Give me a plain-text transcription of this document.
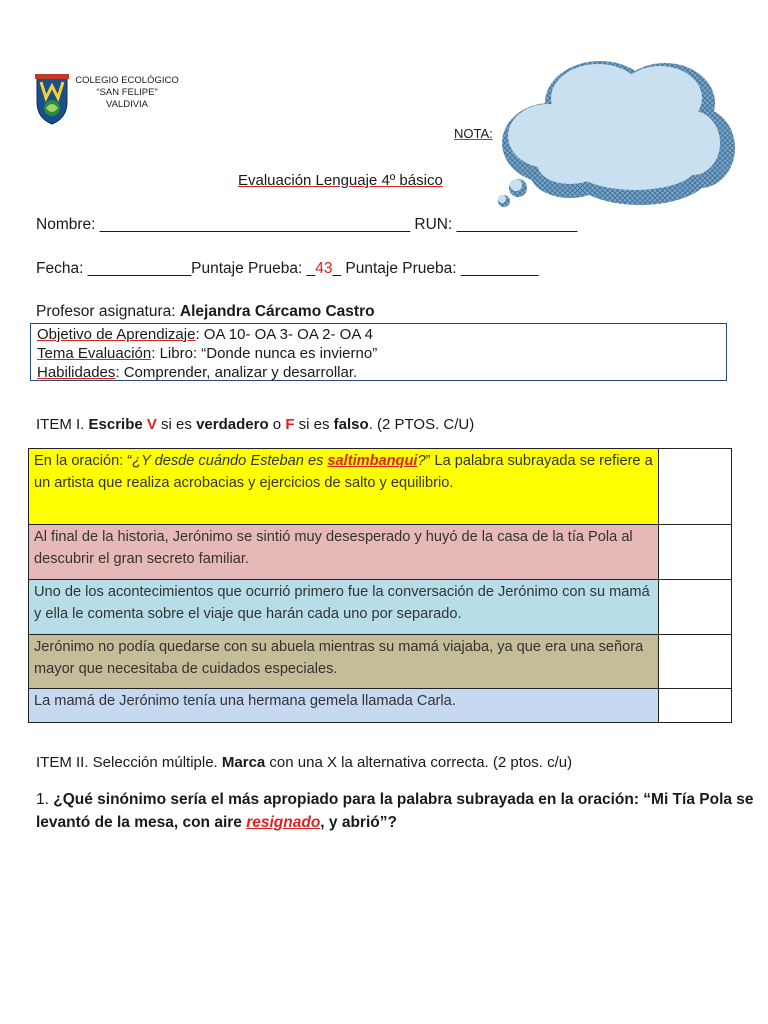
COLEGIO ECOLÓGICO
“SAN FELIPE”
VALDIVIA
NOTA:
Evaluación Lenguaje 4º básico
Nombre: ____________________________________ RUN: ______________
Fecha: ____________Puntaje Prueba: _43_ Puntaje Prueba: _________
Profesor asignatura: Alejandra Cárcamo Castro
Objetivo de Aprendizaje: OA 10- OA 3- OA 2- OA 4
Tema Evaluación: Libro: “Donde nunca es invierno”
Habilidades: Comprender, analizar y desarrollar.
ITEM I. Escribe V si es verdadero o F si es falso. (2 PTOS. C/U)
En la oración: “¿Y desde cuándo Esteban es saltimbanqui?” La palabra subrayada se refiere a un artista que realiza acrobacias y ejercicios de salto y equilibrio.	
Al final de la historia, Jerónimo se sintió muy desesperado y huyó de la casa de la tía Pola al descubrir el gran secreto familiar.	
Uno de los acontecimientos que ocurrió primero fue la conversación de Jerónimo con su mamá y ella le comenta sobre el viaje que harán cada uno por separado.	
Jerónimo no podía quedarse con su abuela mientras su mamá viajaba, ya que era una señora mayor que necesitaba de cuidados especiales.	
La mamá de Jerónimo tenía una hermana gemela llamada Carla.	
ITEM II. Selección múltiple. Marca con una X la alternativa correcta. (2 ptos. c/u)
1. ¿Qué sinónimo sería el más apropiado para la palabra subrayada en la oración: “Mi Tía Pola se levantó de la mesa, con aire resignado, y abrió”?
